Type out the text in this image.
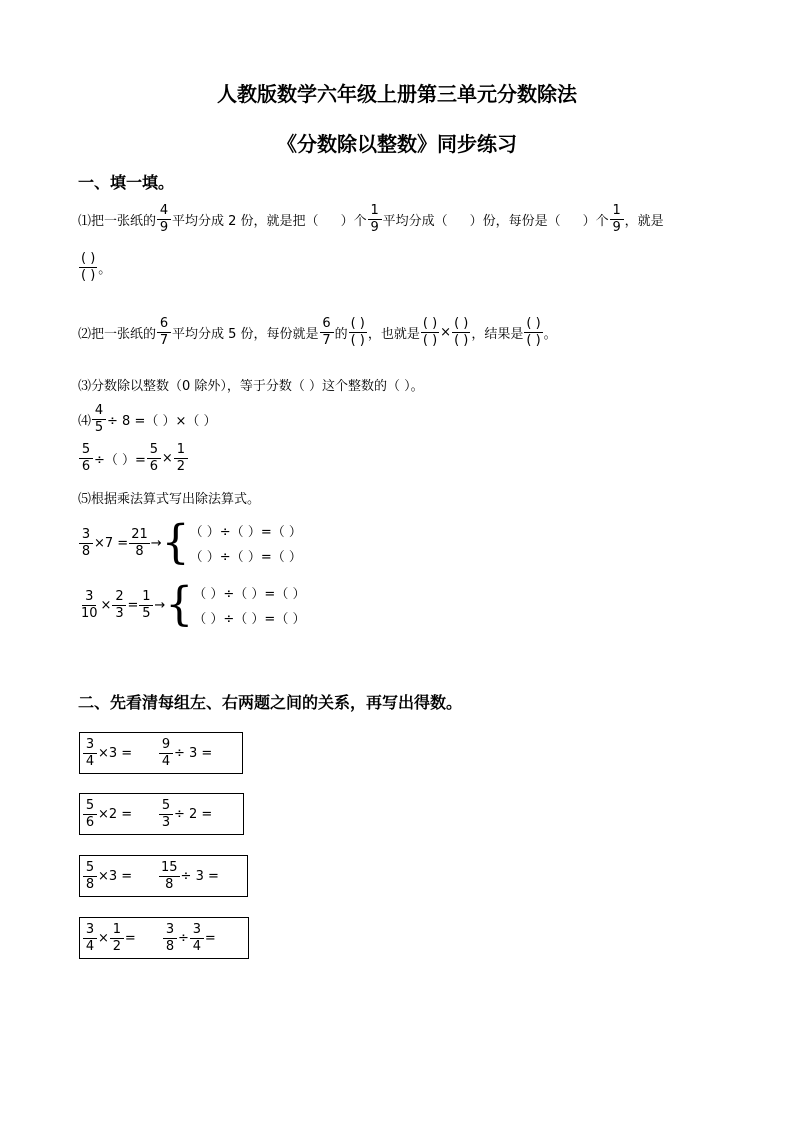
人教版数学六年级上册第三单元分数除法
《分数除以整数》同步练习
一、填一填。
⑴把一张纸的 $\frac{4}{9}$ 平均分成 2 份，就是把（ ）个 $\frac{1}{9}$ 平均分成（ ）份，每份是（ ）个 $\frac{1}{9}$ ，就是
$\frac{( )}{( )}$ 。
⑵把一张纸的 $\frac{6}{7}$ 平均分成 5 份，每份就是 $\frac{6}{7}$ 的 $\frac{( )}{( )}$ ，也就是 $\frac{( )}{( )} \times \frac{( )}{( )}$ ，结果是 $\frac{( )}{( )}$ 。
⑶分数除以整数（0 除外），等于分数（ ）这个整数的（ ）。
⑷ $\frac{4}{5} \div 8$ =（ ）×（ ）
$\frac{5}{6}$ ÷（ ）= $\frac{5}{6} \times \frac{1}{2}$
⑸根据乘法算式写出除法算式。
$\frac{3}{8} \times 7 = \frac{21}{8}$ → { （ ）÷（ ）=（ ）
（ ）÷（ ）=（ ）
$\frac{3}{10} \times \frac{2}{3} = \frac{1}{5}$ → { （ ）÷（ ）=（ ）
（ ）÷（ ）=（ ）
二、先看清每组左、右两题之间的关系，再写出得数。
$\frac{3}{4} \times 3 = \frac{9}{4} \div 3$ =
$\frac{5}{6} \times 2 = \frac{5}{3} \div 2$ =
$\frac{5}{8} \times 3 = \frac{15}{8} \div 3$ =
$\frac{3}{4} \times \frac{1}{2} = \frac{3}{8} \div \frac{3}{4}$ =
